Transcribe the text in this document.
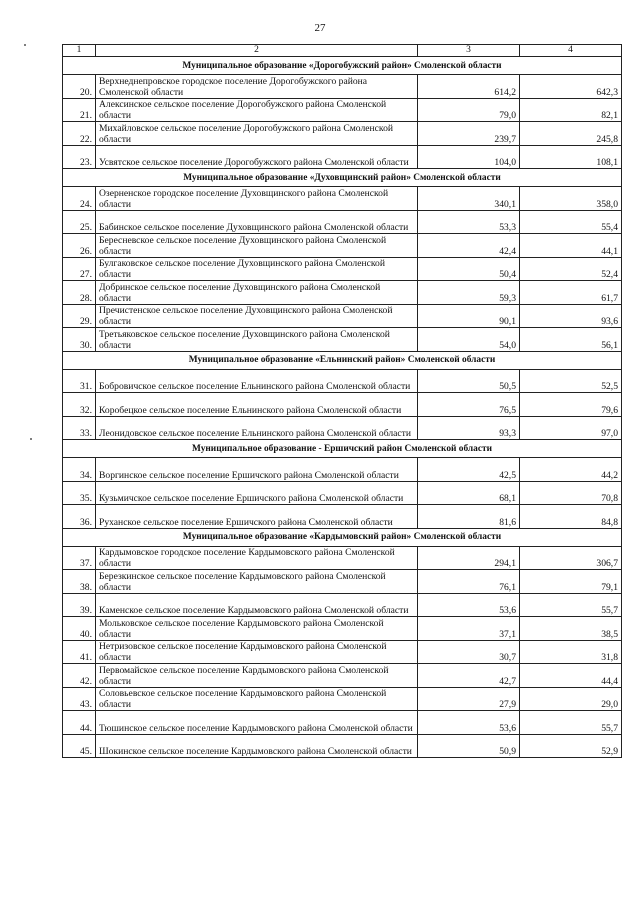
27
1	2	3	4
Муниципальное образование «Дорогобужский район» Смоленской области			
20.	Верхнеднепровское городское поселение Дорогобужского района Смоленской области	614,2	642,3
21.	Алексинское сельское поселение Дорогобужского района Смоленской области	79,0	82,1
22.	Михайловское сельское поселение Дорогобужского района Смоленской области	239,7	245,8
23.	Усвятское сельское поселение Дорогобужского района Смоленской области	104,0	108,1
Муниципальное образование «Духовщинский район» Смоленской области			
24.	Озерненское городское поселение Духовщинского района Смоленской области	340,1	358,0
25.	Бабинское сельское поселение Духовщинского района Смоленской области	53,3	55,4
26.	Бересневское сельское поселение Духовщинского района Смоленской области	42,4	44,1
27.	Булгаковское сельское поселение Духовщинского района Смоленской области	50,4	52,4
28.	Добринское сельское поселение Духовщинского района Смоленской области	59,3	61,7
29.	Пречистенское сельское поселение Духовщинского района Смоленской области	90,1	93,6
30.	Третьяковское сельское поселение Духовщинского района Смоленской области	54,0	56,1
Муниципальное образование «Ельнинский район» Смоленской области			
31.	Бобровичское сельское поселение Ельнинского района Смоленской области	50,5	52,5
32.	Коробецкое сельское поселение Ельнинского района Смоленской области	76,5	79,6
33.	Леонидовское сельское поселение Ельнинского района Смоленской области	93,3	97,0
Муниципальное образование - Ершичский район Смоленской области			
34.	Воргинское сельское поселение Ершичского района Смоленской области	42,5	44,2
35.	Кузьмичское сельское поселение Ершичского района Смоленской области	68,1	70,8
36.	Руханское сельское поселение Ершичского района Смоленской области	81,6	84,8
Муниципальное образование «Кардымовский район» Смоленской области			
37.	Кардымовское городское поселение Кардымовского района Смоленской области	294,1	306,7
38.	Березкинское сельское поселение Кардымовского района Смоленской области	76,1	79,1
39.	Каменское сельское поселение Кардымовского района Смоленской области	53,6	55,7
40.	Мольковское сельское поселение Кардымовского района Смоленской области	37,1	38,5
41.	Нетризовское сельское поселение Кардымовского района Смоленской области	30,7	31,8
42.	Первомайское сельское поселение Кардымовского района Смоленской области	42,7	44,4
43.	Соловьевское сельское поселение Кардымовского района Смоленской области	27,9	29,0
44.	Тюшинское сельское поселение Кардымовского района Смоленской области	53,6	55,7
45.	Шокинское сельское поселение Кардымовского района Смоленской области	50,9	52,9
